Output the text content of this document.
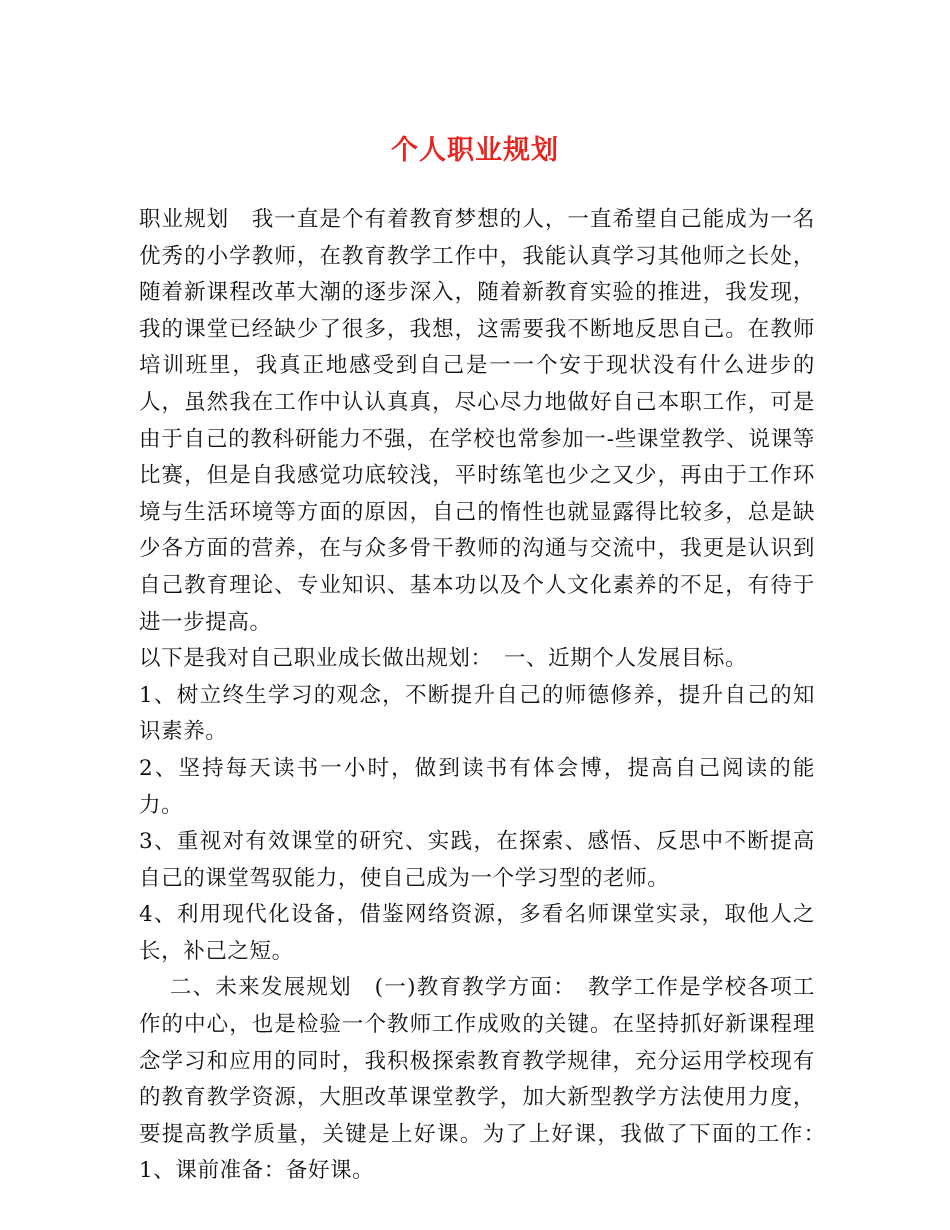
个人职业规划

职业规划　我一直是个有着教育梦想的人，一直希望自己能成为一名优秀的小学教师，在教育教学工作中，我能认真学习其他师之长处，随着新课程改革大潮的逐步深入，随着新教育实验的推进，我发现，我的课堂已经缺少了很多，我想，这需要我不断地反思自己。在教师培训班里，我真正地感受到自己是一一个安于现状没有什么进步的人，虽然我在工作中认认真真，尽心尽力地做好自己本职工作，可是由于自己的教科研能力不强，在学校也常参加一-些课堂教学、说课等比赛，但是自我感觉功底较浅，平时练笔也少之又少，再由于工作环境与生活环境等方面的原因，自己的惰性也就显露得比较多，总是缺少各方面的营养，在与众多骨干教师的沟通与交流中，我更是认识到自己教育理论、专业知识、基本功以及个人文化素养的不足，有待于进一步提高。

以下是我对自己职业成长做出规划：　一、近期个人发展目标。

1、树立终生学习的观念，不断提升自己的师德修养，提升自己的知识素养。

2、坚持每天读书一小时，做到读书有体会博，提高自己阅读的能力。

3、重视对有效课堂的研究、实践，在探索、感悟、反思中不断提高自己的课堂驾驭能力，使自己成为一个学习型的老师。

4、利用现代化设备，借鉴网络资源，多看名师课堂实录，取他人之长，补己之短。

　 二、未来发展规划　(一)教育教学方面：　教学工作是学校各项工作的中心，也是检验一个教师工作成败的关键。在坚持抓好新课程理念学习和应用的同时，我积极探索教育教学规律，充分运用学校现有的教育教学资源，大胆改革课堂教学，加大新型教学方法使用力度，要提高教学质量，关键是上好课。为了上好课，我做了下面的工作：　1、课前准备：备好课。
